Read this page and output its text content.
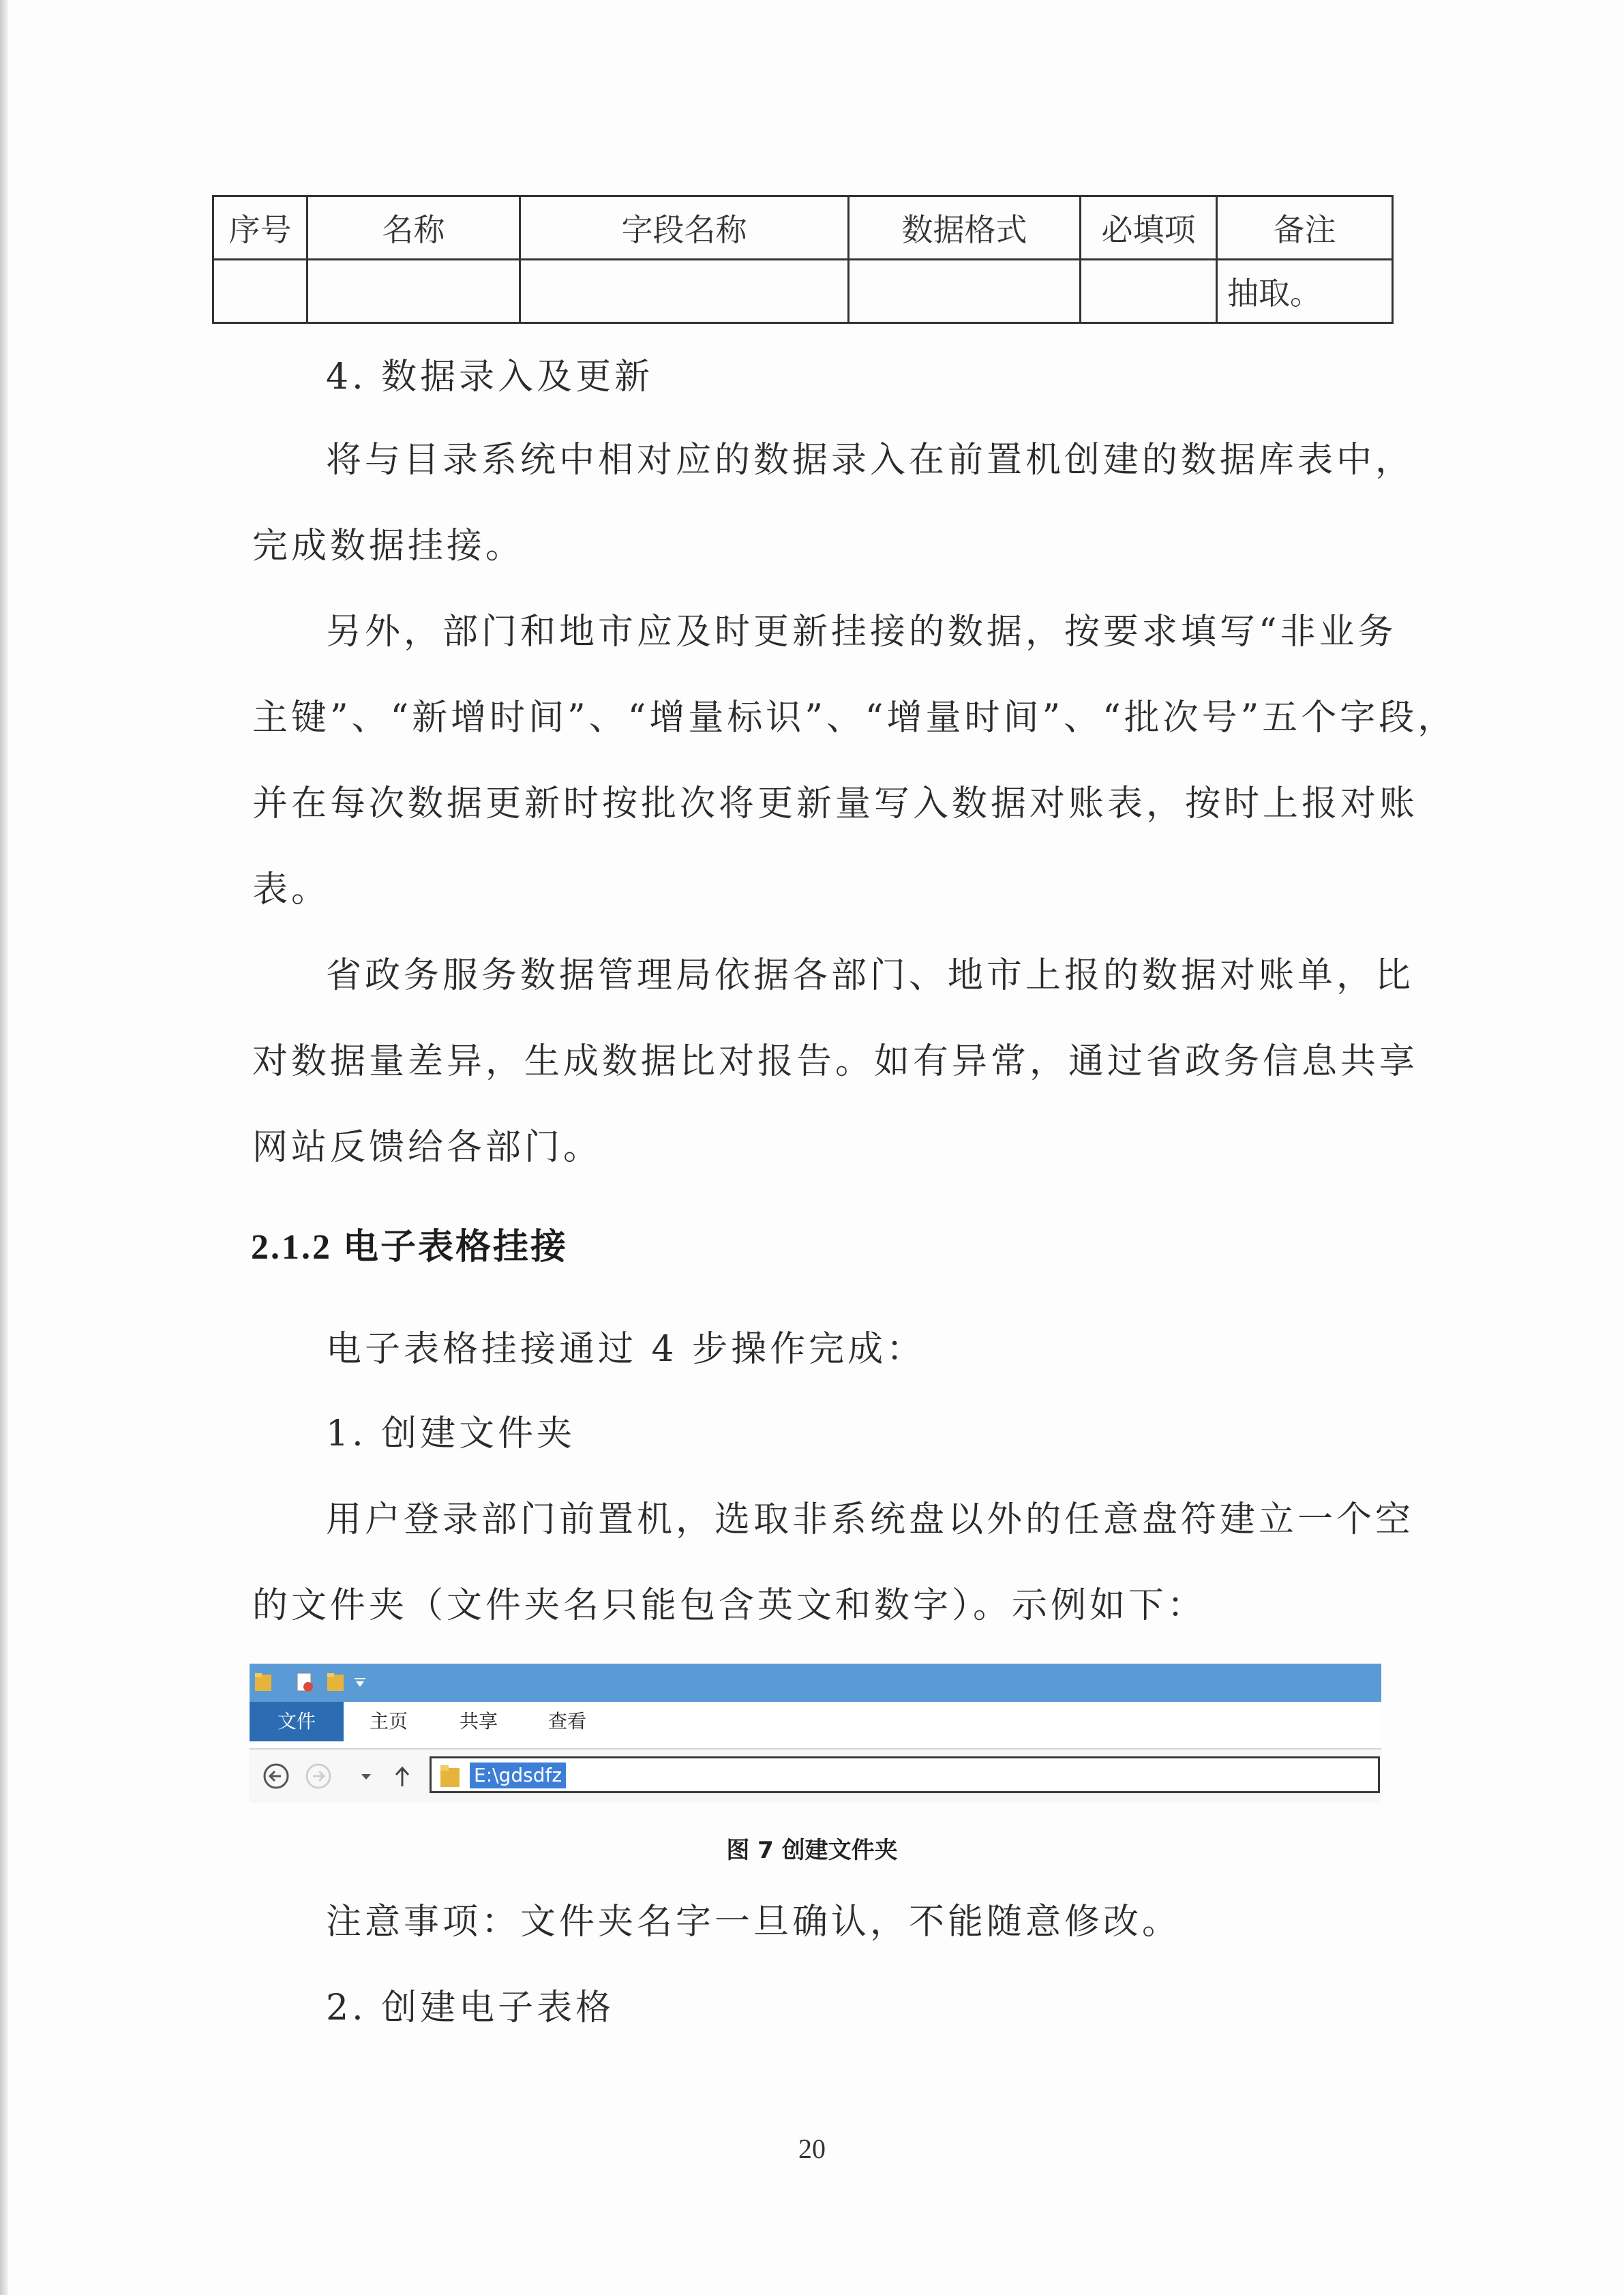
序号	名称	字段名称	数据格式	必填项	备注
					抽取。
4. 数据录入及更新
将与目录系统中相对应的数据录入在前置机创建的数据库表中，
完成数据挂接。
另外，部门和地市应及时更新挂接的数据，按要求填写“非业务
主键”、“新增时间”、“增量标识”、“增量时间”、“批次号”五个字段，
并在每次数据更新时按批次将更新量写入数据对账表，按时上报对账
表。
省政务服务数据管理局依据各部门、地市上报的数据对账单，比
对数据量差异，生成数据比对报告。如有异常，通过省政务信息共享
网站反馈给各部门。
2.1.2 电子表格挂接
电子表格挂接通过 4 步操作完成：
1. 创建文件夹
用户登录部门前置机，选取非系统盘以外的任意盘符建立一个空
的文件夹（文件夹名只能包含英文和数字）。示例如下：
文件	主页	共享	查看
E:\gdsdfz
图 7 创建文件夹
注意事项：文件夹名字一旦确认，不能随意修改。
2. 创建电子表格
20
